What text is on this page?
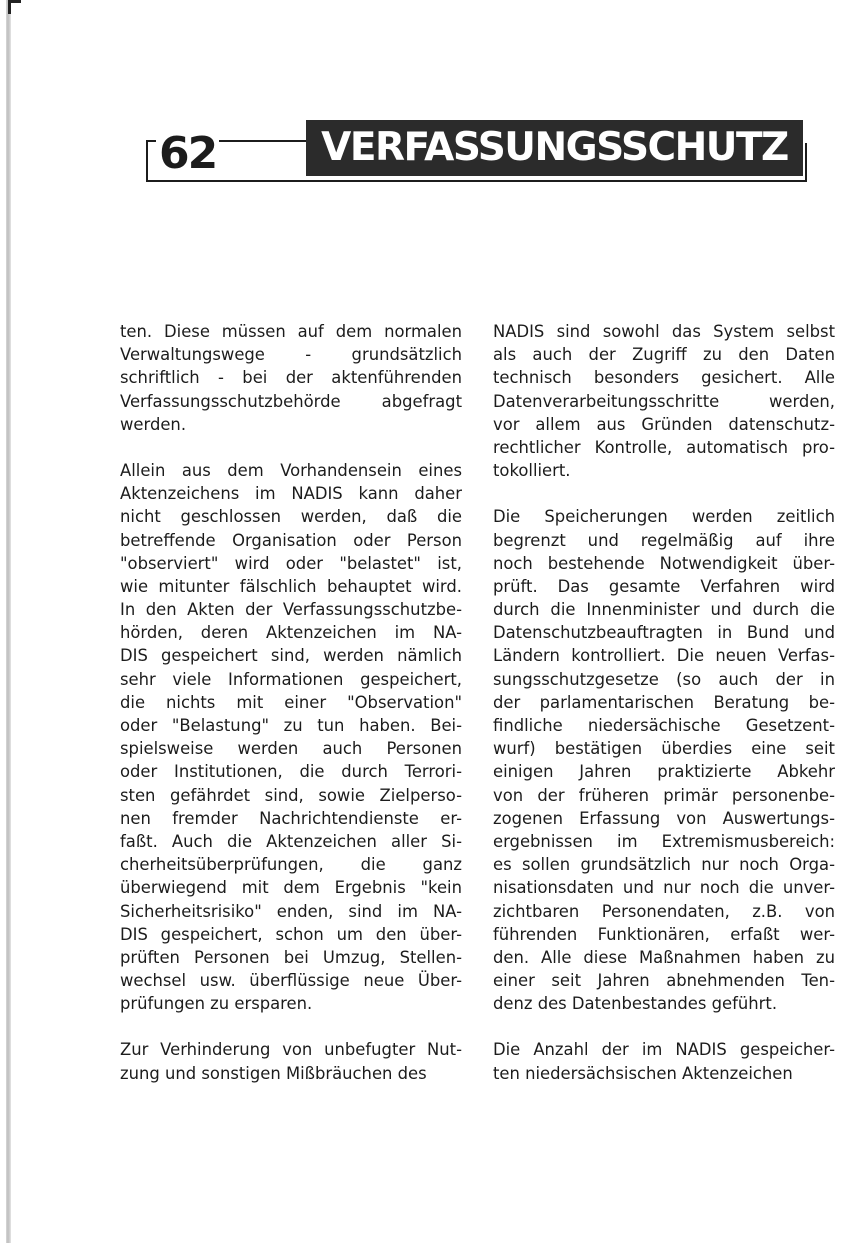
62	VERFASSUNGSSCHUTZ
ten. Diese müssen auf dem normalen
Verwaltungswege - grundsätzlich
schriftlich - bei der aktenführenden
Verfassungsschutzbehörde abgefragt
werden.
Allein aus dem Vorhandensein eines
Aktenzeichens im NADIS kann daher
nicht geschlossen werden, daß die
betreffende Organisation oder Person
"observiert" wird oder "belastet" ist,
wie mitunter fälschlich behauptet wird.
In den Akten der Verfassungsschutzbe-
hörden, deren Aktenzeichen im NA-
DIS gespeichert sind, werden nämlich
sehr viele Informationen gespeichert,
die nichts mit einer "Observation"
oder "Belastung" zu tun haben. Bei-
spielsweise werden auch Personen
oder Institutionen, die durch Terrori-
sten gefährdet sind, sowie Zielperso-
nen fremder Nachrichtendienste er-
faßt. Auch die Aktenzeichen aller Si-
cherheitsüberprüfungen, die ganz
überwiegend mit dem Ergebnis "kein
Sicherheitsrisiko" enden, sind im NA-
DIS gespeichert, schon um den über-
prüften Personen bei Umzug, Stellen-
wechsel usw. überflüssige neue Über-
prüfungen zu ersparen.
Zur Verhinderung von unbefugter Nut-
zung und sonstigen Mißbräuchen des
NADIS sind sowohl das System selbst
als auch der Zugriff zu den Daten
technisch besonders gesichert. Alle
Datenverarbeitungsschritte werden,
vor allem aus Gründen datenschutz-
rechtlicher Kontrolle, automatisch pro-
tokolliert.
Die Speicherungen werden zeitlich
begrenzt und regelmäßig auf ihre
noch bestehende Notwendigkeit über-
prüft. Das gesamte Verfahren wird
durch die Innenminister und durch die
Datenschutzbeauftragten in Bund und
Ländern kontrolliert. Die neuen Verfas-
sungsschutzgesetze (so auch der in
der parlamentarischen Beratung be-
findliche niedersächische Gesetzent-
wurf) bestätigen überdies eine seit
einigen Jahren praktizierte Abkehr
von der früheren primär personenbe-
zogenen Erfassung von Auswertungs-
ergebnissen im Extremismusbereich:
es sollen grundsätzlich nur noch Orga-
nisationsdaten und nur noch die unver-
zichtbaren Personendaten, z.B. von
führenden Funktionären, erfaßt wer-
den. Alle diese Maßnahmen haben zu
einer seit Jahren abnehmenden Ten-
denz des Datenbestandes geführt.
Die Anzahl der im NADIS gespeicher-
ten niedersächsischen Aktenzeichen
